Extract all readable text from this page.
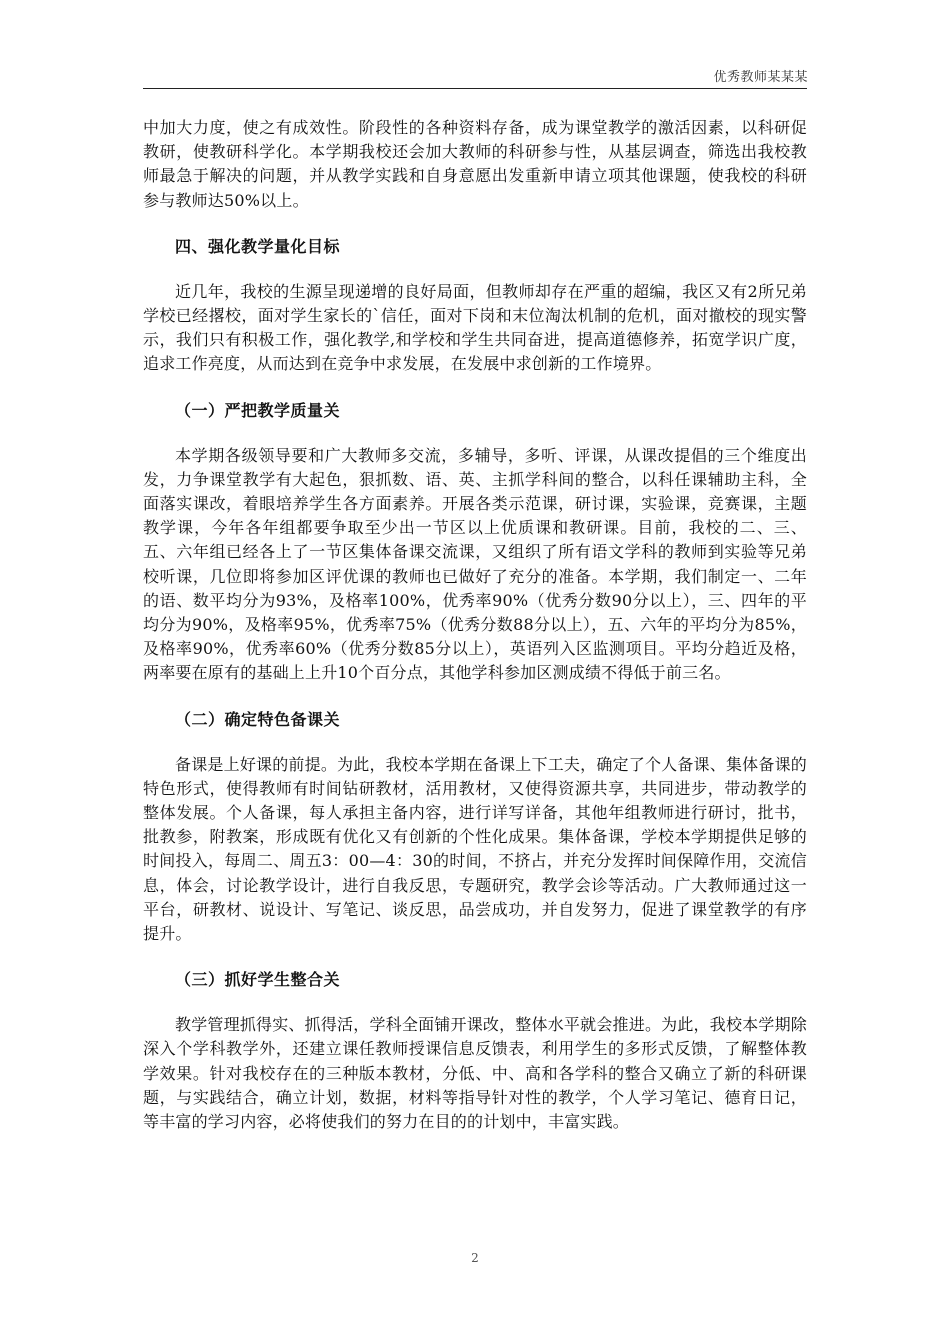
优秀教师某某某

中加大力度，使之有成效性。阶段性的各种资料存备，成为课堂教学的激活因素，以科研促教研，使教研科学化。本学期我校还会加大教师的科研参与性，从基层调查，筛选出我校教师最急于解决的问题，并从教学实践和自身意愿出发重新申请立项其他课题，使我校的科研参与教师达50%以上。

四、强化教学量化目标

近几年，我校的生源呈现递增的良好局面，但教师却存在严重的超编，我区又有2所兄弟学校已经撂校，面对学生家长的`信任，面对下岗和末位淘汰机制的危机，面对撤校的现实警示，我们只有积极工作，强化教学,和学校和学生共同奋进，提高道德修养，拓宽学识广度，追求工作亮度，从而达到在竞争中求发展，在发展中求创新的工作境界。

（一）严把教学质量关

本学期各级领导要和广大教师多交流，多辅导，多听、评课，从课改提倡的三个维度出发，力争课堂教学有大起色，狠抓数、语、英、主抓学科间的整合，以科任课辅助主科，全面落实课改，着眼培养学生各方面素养。开展各类示范课，研讨课，实验课，竞赛课，主题教学课，今年各年组都要争取至少出一节区以上优质课和教研课。目前，我校的二、三、五、六年组已经各上了一节区集体备课交流课，又组织了所有语文学科的教师到实验等兄弟校听课，几位即将参加区评优课的教师也已做好了充分的准备。本学期，我们制定一、二年的语、数平均分为93%，及格率100%，优秀率90%（优秀分数90分以上），三、四年的平均分为90%，及格率95%，优秀率75%（优秀分数88分以上），五、六年的平均分为85%，及格率90%，优秀率60%（优秀分数85分以上），英语列入区监测项目。平均分趋近及格，两率要在原有的基础上上升10个百分点，其他学科参加区测成绩不得低于前三名。

（二）确定特色备课关

备课是上好课的前提。为此，我校本学期在备课上下工夫，确定了个人备课、集体备课的特色形式，使得教师有时间钻研教材，活用教材，又使得资源共享，共同进步，带动教学的整体发展。个人备课，每人承担主备内容，进行详写详备，其他年组教师进行研讨，批书，批教参，附教案，形成既有优化又有创新的个性化成果。集体备课，学校本学期提供足够的时间投入，每周二、周五3：00—4：30的时间，不挤占，并充分发挥时间保障作用，交流信息，体会，讨论教学设计，进行自我反思，专题研究，教学会诊等活动。广大教师通过这一平台，研教材、说设计、写笔记、谈反思，品尝成功，并自发努力，促进了课堂教学的有序提升。

（三）抓好学生整合关

教学管理抓得实、抓得活，学科全面铺开课改，整体水平就会推进。为此，我校本学期除深入个学科教学外，还建立课任教师授课信息反馈表，利用学生的多形式反馈，了解整体教学效果。针对我校存在的三种版本教材，分低、中、高和各学科的整合又确立了新的科研课题，与实践结合，确立计划，数据，材料等指导针对性的教学，个人学习笔记、德育日记，等丰富的学习内容，必将使我们的努力在目的的计划中，丰富实践。

2
